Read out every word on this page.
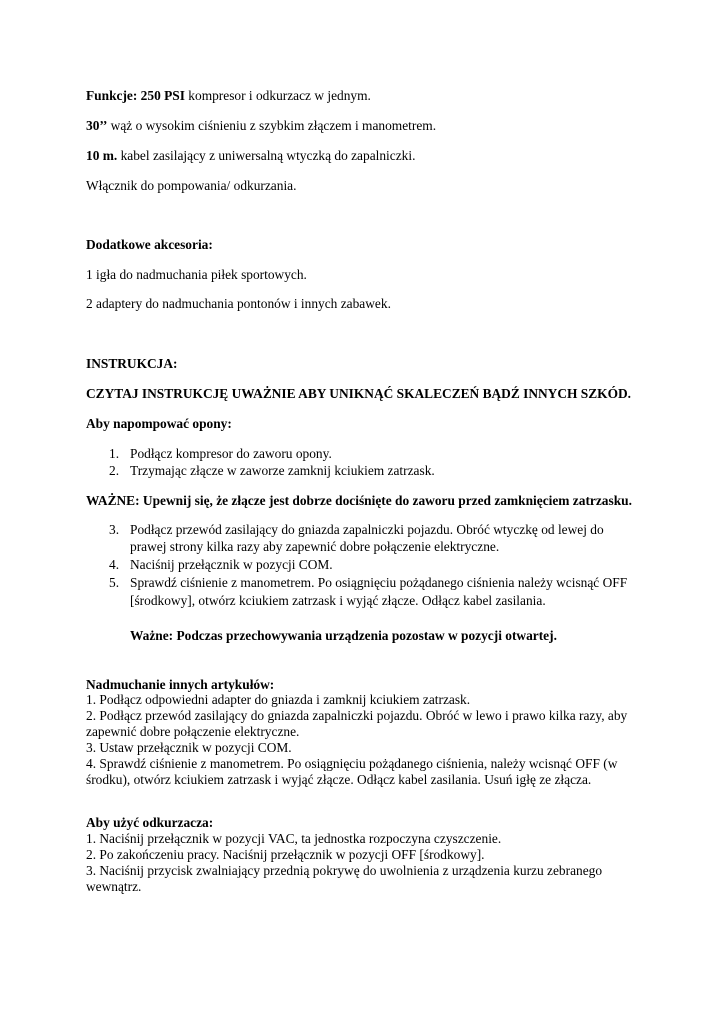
Funkcje: 250 PSI kompresor i odkurzacz w jednym.
30’’ wąż o wysokim ciśnieniu z szybkim złączem i manometrem.
10 m. kabel zasilający z uniwersalną wtyczką do zapalniczki.
Włącznik do pompowania/ odkurzania.
Dodatkowe akcesoria:
1 igła do nadmuchania piłek sportowych.
2 adaptery do nadmuchania pontonów i innych zabawek.
INSTRUKCJA:
CZYTAJ INSTRUKCJĘ UWAŻNIE ABY UNIKNĄĆ SKALECZEŃ BĄDŹ INNYCH SZKÓD.
Aby napompować opony:
1. Podłącz kompresor do zaworu opony.
2. Trzymając złącze w zaworze zamknij kciukiem zatrzask.
WAŻNE: Upewnij się, że złącze jest dobrze dociśnięte do zaworu przed zamknięciem zatrzasku.
3. Podłącz przewód zasilający do gniazda zapalniczki pojazdu. Obróć wtyczkę od lewej do
prawej strony kilka razy aby zapewnić dobre połączenie elektryczne.
4. Naciśnij przełącznik w pozycji COM.
5. Sprawdź ciśnienie z manometrem. Po osiągnięciu pożądanego ciśnienia należy wcisnąć OFF
[środkowy], otwórz kciukiem zatrzask i wyjąć złącze. Odłącz kabel zasilania.
Ważne: Podczas przechowywania urządzenia pozostaw w pozycji otwartej.
Nadmuchanie innych artykułów:
1. Podłącz odpowiedni adapter do gniazda i zamknij kciukiem zatrzask.
2. Podłącz przewód zasilający do gniazda zapalniczki pojazdu. Obróć w lewo i prawo kilka razy, aby
zapewnić dobre połączenie elektryczne.
3. Ustaw przełącznik w pozycji COM.
4. Sprawdź ciśnienie z manometrem. Po osiągnięciu pożądanego ciśnienia, należy wcisnąć OFF (w
środku), otwórz kciukiem zatrzask i wyjąć złącze. Odłącz kabel zasilania. Usuń igłę ze złącza.
Aby użyć odkurzacza:
1. Naciśnij przełącznik w pozycji VAC, ta jednostka rozpoczyna czyszczenie.
2. Po zakończeniu pracy. Naciśnij przełącznik w pozycji OFF [środkowy].
3. Naciśnij przycisk zwalniający przednią pokrywę do uwolnienia z urządzenia kurzu zebranego
wewnątrz.
